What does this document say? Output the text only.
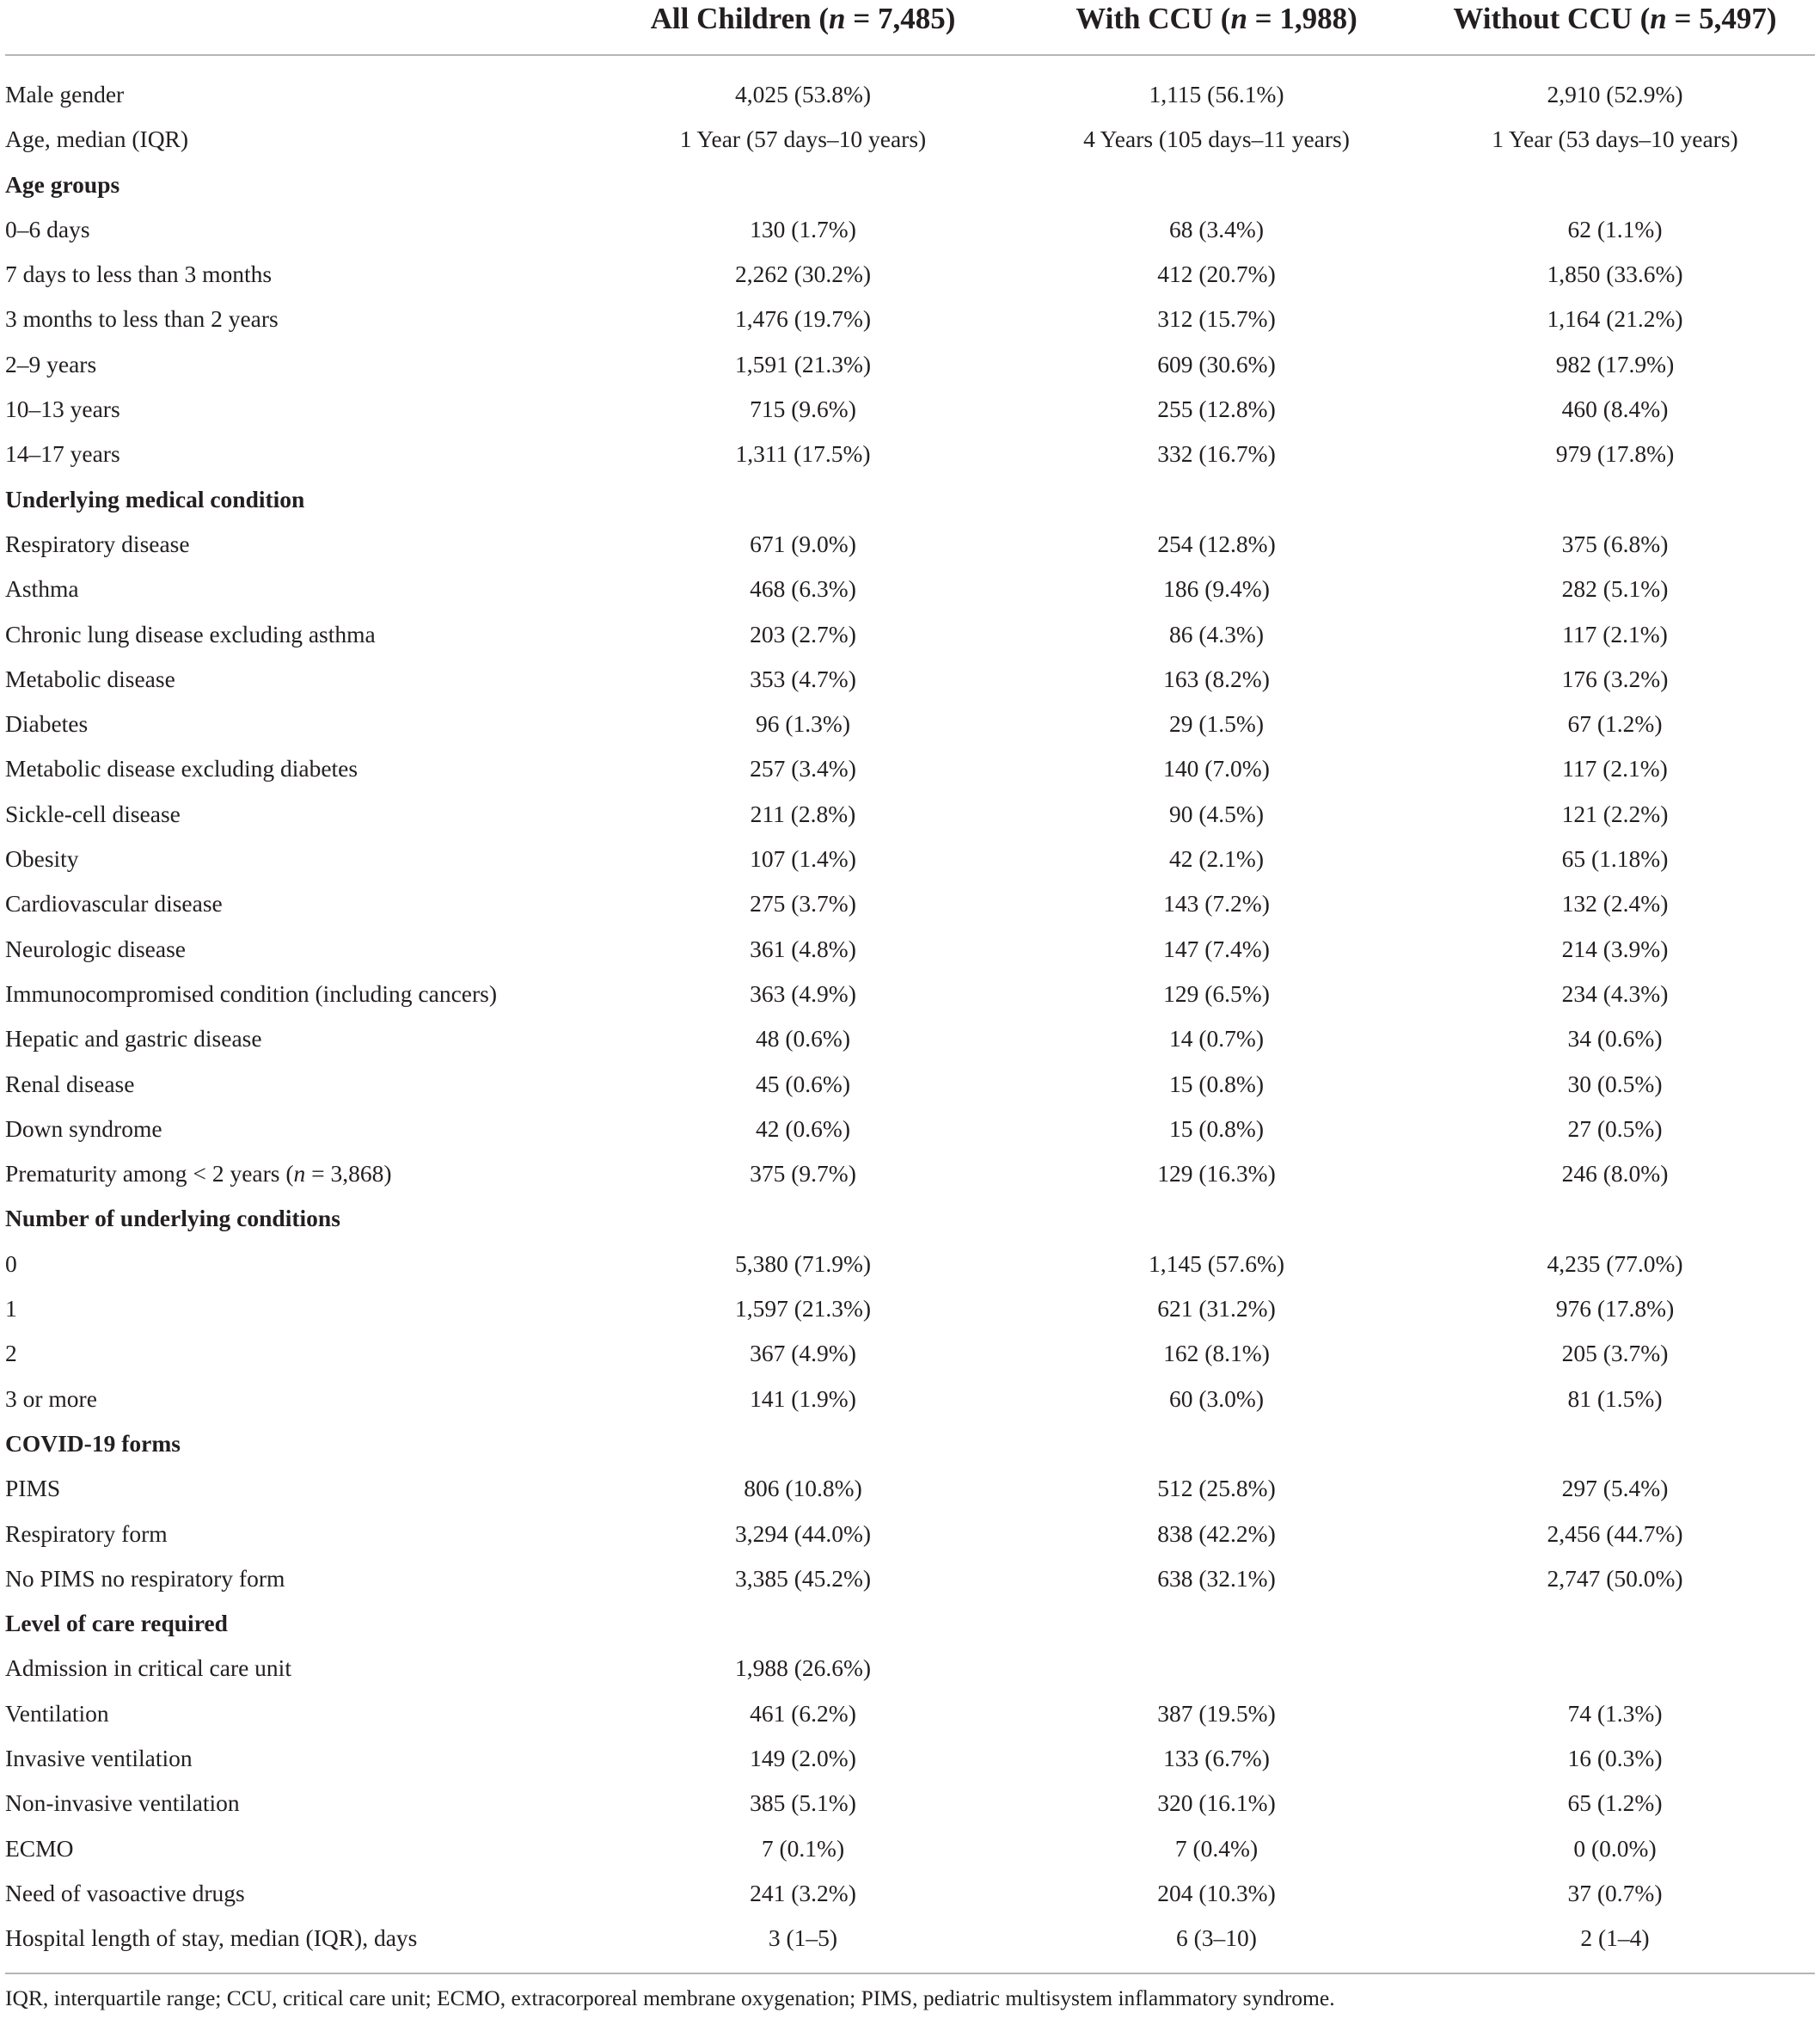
All Children (n = 7,485)	With CCU (n = 1,988)	Without CCU (n = 5,497)
Male gender	4,025 (53.8%)	1,115 (56.1%)	2,910 (52.9%)
Age, median (IQR)	1 Year (57 days–10 years)	4 Years (105 days–11 years)	1 Year (53 days–10 years)
Age groups
0–6 days	130 (1.7%)	68 (3.4%)	62 (1.1%)
7 days to less than 3 months	2,262 (30.2%)	412 (20.7%)	1,850 (33.6%)
3 months to less than 2 years	1,476 (19.7%)	312 (15.7%)	1,164 (21.2%)
2–9 years	1,591 (21.3%)	609 (30.6%)	982 (17.9%)
10–13 years	715 (9.6%)	255 (12.8%)	460 (8.4%)
14–17 years	1,311 (17.5%)	332 (16.7%)	979 (17.8%)
Underlying medical condition
Respiratory disease	671 (9.0%)	254 (12.8%)	375 (6.8%)
Asthma	468 (6.3%)	186 (9.4%)	282 (5.1%)
Chronic lung disease excluding asthma	203 (2.7%)	86 (4.3%)	117 (2.1%)
Metabolic disease	353 (4.7%)	163 (8.2%)	176 (3.2%)
Diabetes	96 (1.3%)	29 (1.5%)	67 (1.2%)
Metabolic disease excluding diabetes	257 (3.4%)	140 (7.0%)	117 (2.1%)
Sickle-cell disease	211 (2.8%)	90 (4.5%)	121 (2.2%)
Obesity	107 (1.4%)	42 (2.1%)	65 (1.18%)
Cardiovascular disease	275 (3.7%)	143 (7.2%)	132 (2.4%)
Neurologic disease	361 (4.8%)	147 (7.4%)	214 (3.9%)
Immunocompromised condition (including cancers)	363 (4.9%)	129 (6.5%)	234 (4.3%)
Hepatic and gastric disease	48 (0.6%)	14 (0.7%)	34 (0.6%)
Renal disease	45 (0.6%)	15 (0.8%)	30 (0.5%)
Down syndrome	42 (0.6%)	15 (0.8%)	27 (0.5%)
Prematurity among < 2 years (n = 3,868)	375 (9.7%)	129 (16.3%)	246 (8.0%)
Number of underlying conditions
0	5,380 (71.9%)	1,145 (57.6%)	4,235 (77.0%)
1	1,597 (21.3%)	621 (31.2%)	976 (17.8%)
2	367 (4.9%)	162 (8.1%)	205 (3.7%)
3 or more	141 (1.9%)	60 (3.0%)	81 (1.5%)
COVID-19 forms
PIMS	806 (10.8%)	512 (25.8%)	297 (5.4%)
Respiratory form	3,294 (44.0%)	838 (42.2%)	2,456 (44.7%)
No PIMS no respiratory form	3,385 (45.2%)	638 (32.1%)	2,747 (50.0%)
Level of care required
Admission in critical care unit	1,988 (26.6%)
Ventilation	461 (6.2%)	387 (19.5%)	74 (1.3%)
Invasive ventilation	149 (2.0%)	133 (6.7%)	16 (0.3%)
Non-invasive ventilation	385 (5.1%)	320 (16.1%)	65 (1.2%)
ECMO	7 (0.1%)	7 (0.4%)	0 (0.0%)
Need of vasoactive drugs	241 (3.2%)	204 (10.3%)	37 (0.7%)
Hospital length of stay, median (IQR), days	3 (1–5)	6 (3–10)	2 (1–4)
IQR, interquartile range; CCU, critical care unit; ECMO, extracorporeal membrane oxygenation; PIMS, pediatric multisystem inflammatory syndrome.
